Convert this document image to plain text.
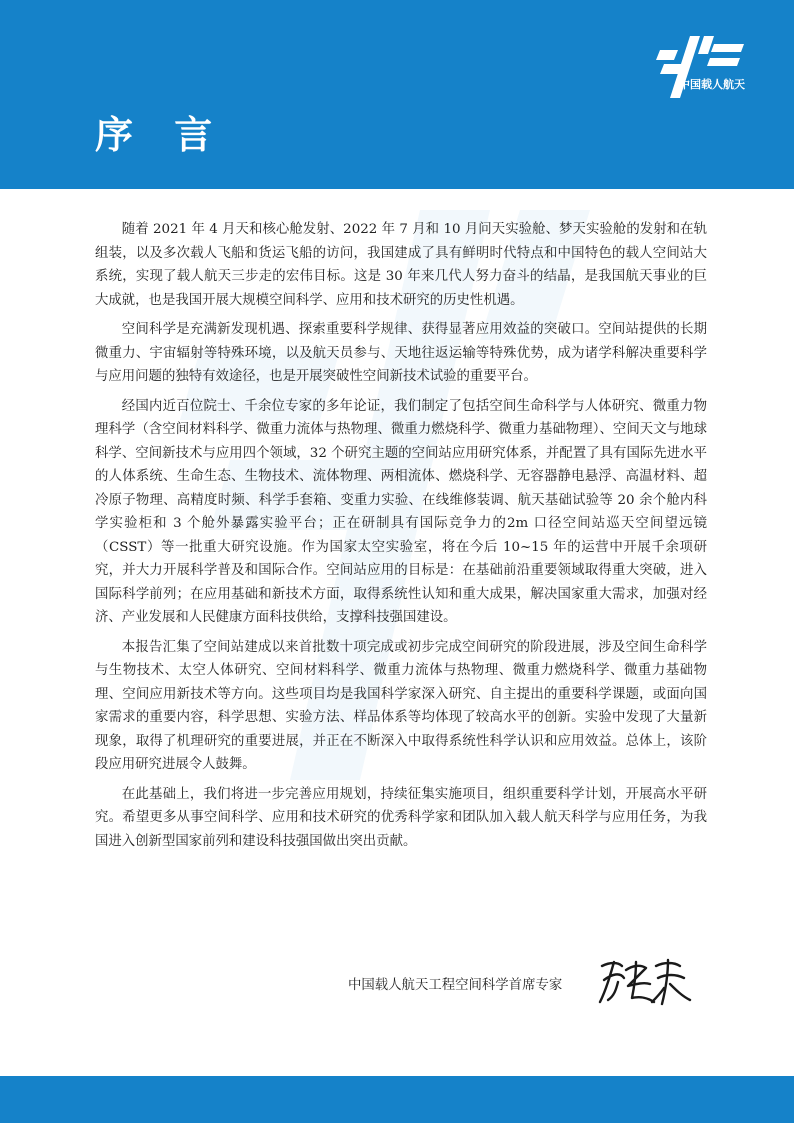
序 言
中国载人航天

随着 2021 年 4 月天和核心舱发射、2022 年 7 月和 10 月问天实验舱、梦天实验舱的发射和在轨组装，以及多次载人飞船和货运飞船的访问，我国建成了具有鲜明时代特点和中国特色的载人空间站大系统，实现了载人航天三步走的宏伟目标。这是 30 年来几代人努力奋斗的结晶，是我国航天事业的巨大成就，也是我国开展大规模空间科学、应用和技术研究的历史性机遇。

空间科学是充满新发现机遇、探索重要科学规律、获得显著应用效益的突破口。空间站提供的长期微重力、宇宙辐射等特殊环境，以及航天员参与、天地往返运输等特殊优势，成为诸学科解决重要科学与应用问题的独特有效途径，也是开展突破性空间新技术试验的重要平台。

经国内近百位院士、千余位专家的多年论证，我们制定了包括空间生命科学与人体研究、微重力物理科学（含空间材料科学、微重力流体与热物理、微重力燃烧科学、微重力基础物理）、空间天文与地球科学、空间新技术与应用四个领域，32 个研究主题的空间站应用研究体系，并配置了具有国际先进水平的人体系统、生命生态、生物技术、流体物理、两相流体、燃烧科学、无容器静电悬浮、高温材料、超冷原子物理、高精度时频、科学手套箱、变重力实验、在线维修装调、航天基础试验等 20 余个舱内科学实验柜和 3 个舱外暴露实验平台；正在研制具有国际竞争力的2m 口径空间站巡天空间望远镜（CSST）等一批重大研究设施。作为国家太空实验室，将在今后 10~15 年的运营中开展千余项研究，并大力开展科学普及和国际合作。空间站应用的目标是：在基础前沿重要领域取得重大突破，进入国际科学前列；在应用基础和新技术方面，取得系统性认知和重大成果，解决国家重大需求，加强对经济、产业发展和人民健康方面科技供给，支撑科技强国建设。

本报告汇集了空间站建成以来首批数十项完成或初步完成空间研究的阶段进展，涉及空间生命科学与生物技术、太空人体研究、空间材料科学、微重力流体与热物理、微重力燃烧科学、微重力基础物理、空间应用新技术等方向。这些项目均是我国科学家深入研究、自主提出的重要科学课题，或面向国家需求的重要内容，科学思想、实验方法、样品体系等均体现了较高水平的创新。实验中发现了大量新现象，取得了机理研究的重要进展，并正在不断深入中取得系统性科学认识和应用效益。总体上，该阶段应用研究进展令人鼓舞。

在此基础上，我们将进一步完善应用规划，持续征集实施项目，组织重要科学计划，开展高水平研究。希望更多从事空间科学、应用和技术研究的优秀科学家和团队加入载人航天科学与应用任务，为我国进入创新型国家前列和建设科技强国做出突出贡献。

中国载人航天工程空间科学首席专家
